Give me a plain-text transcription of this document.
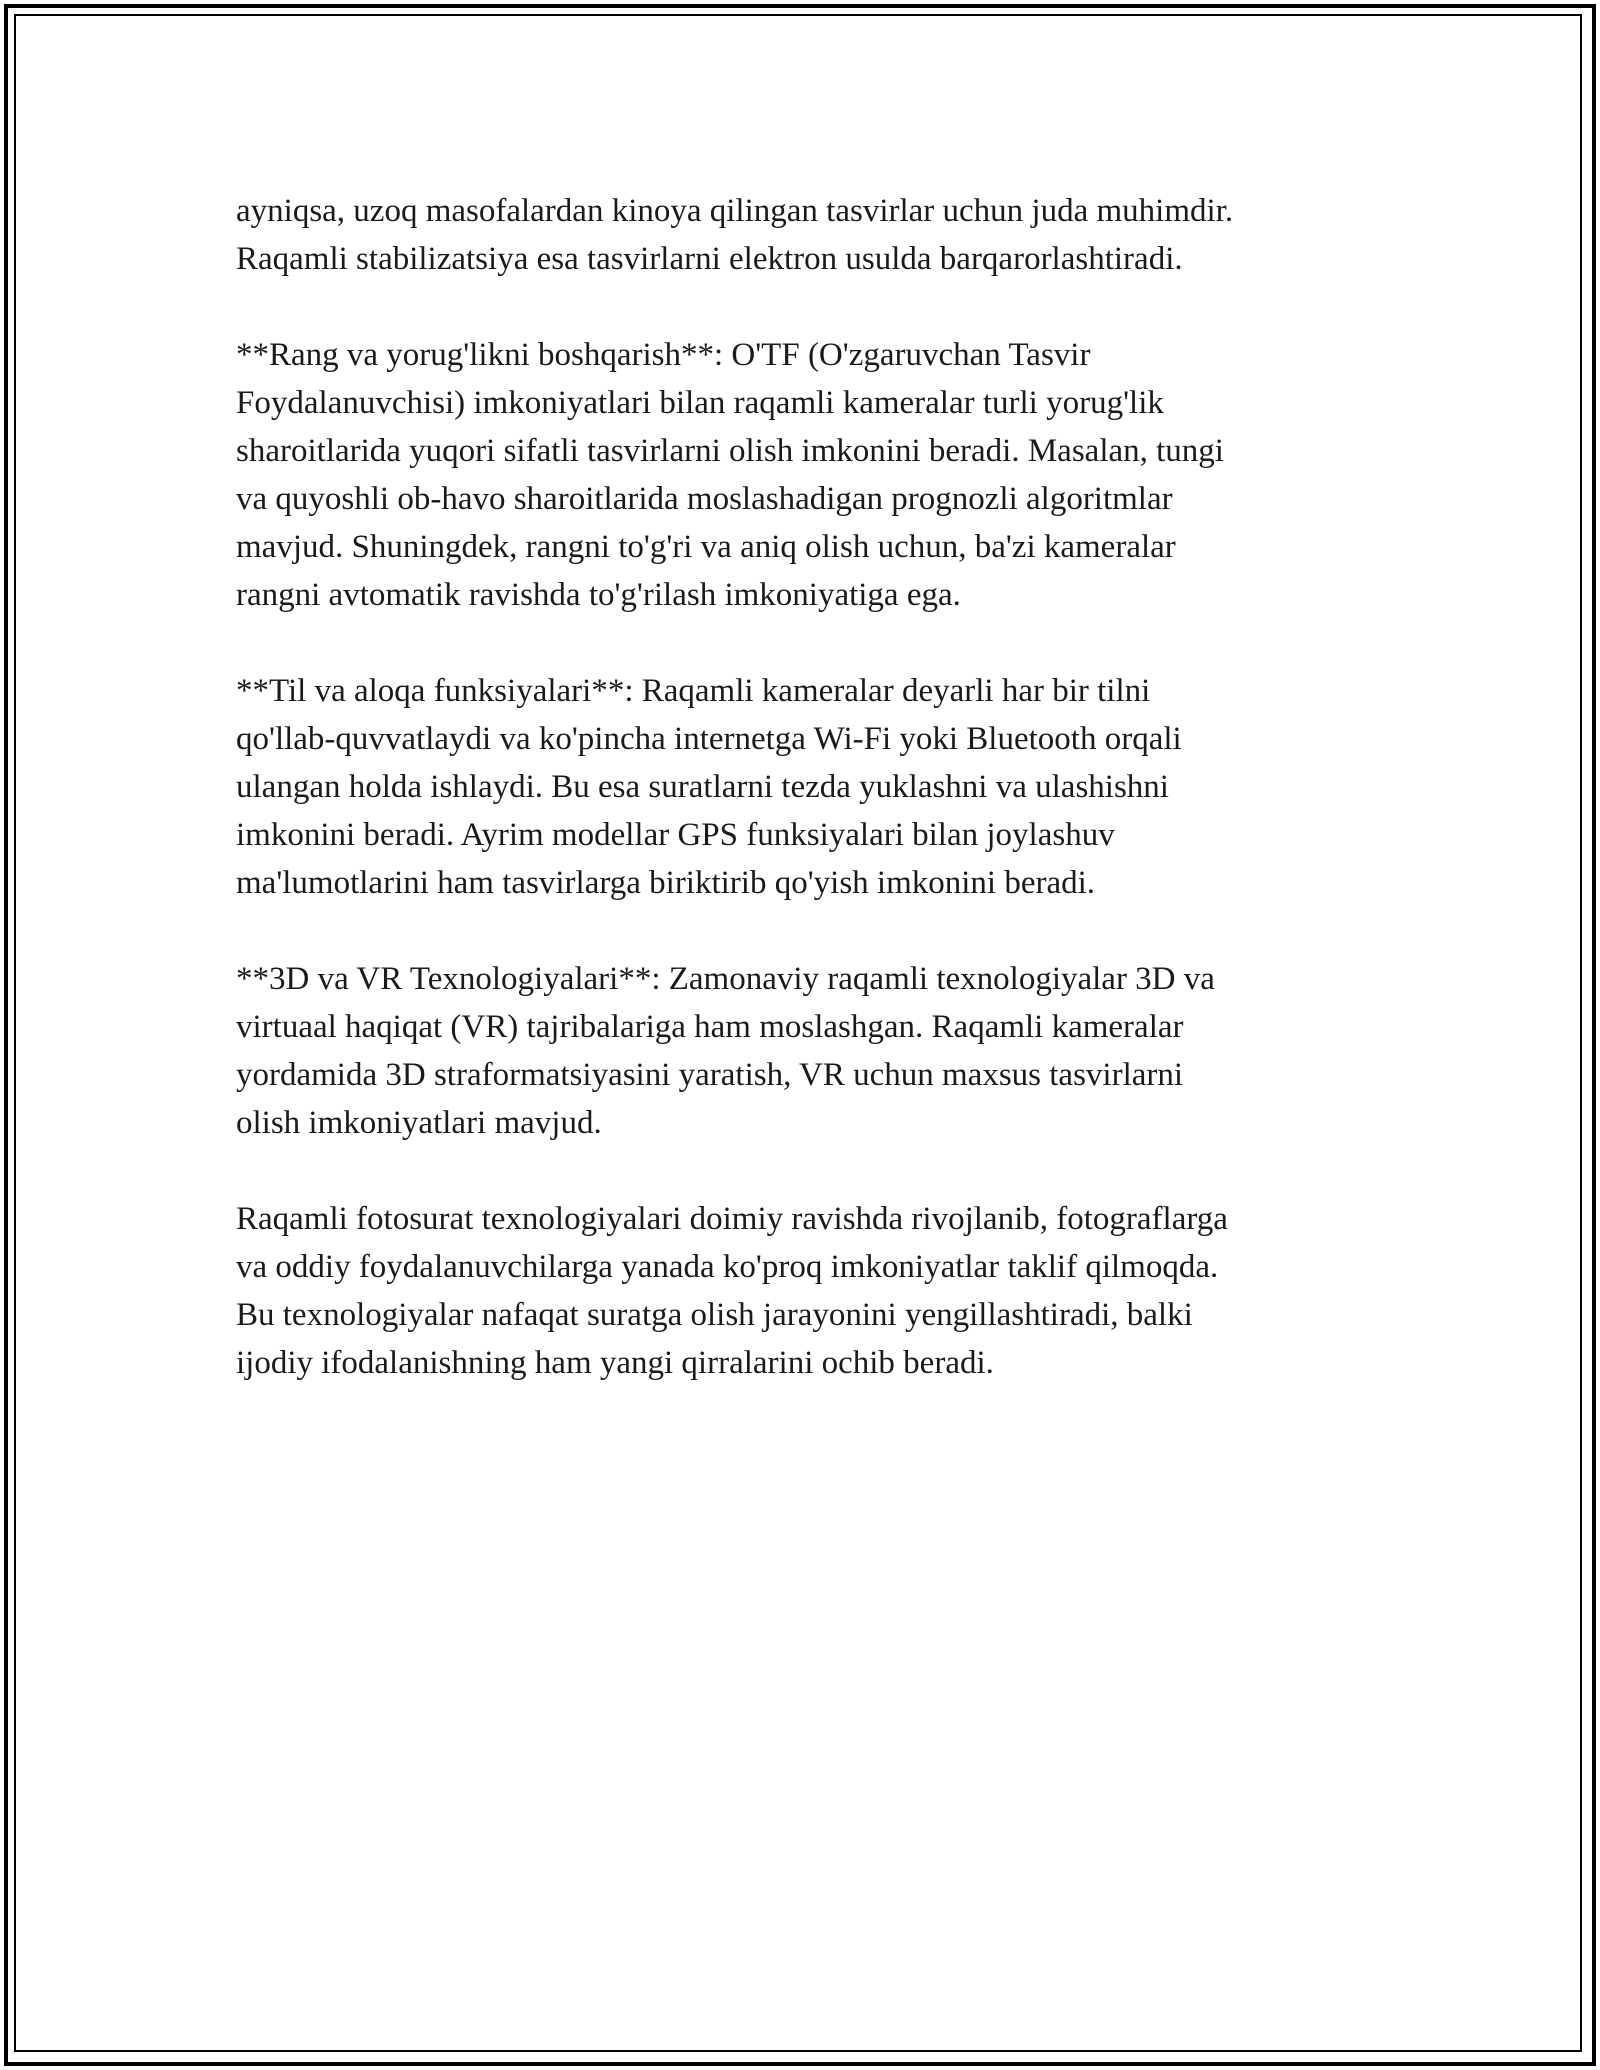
ayniqsa, uzoq masofalardan kinoya qilingan tasvirlar uchun juda muhimdir.
Raqamli stabilizatsiya esa tasvirlarni elektron usulda barqarorlashtiradi.
**Rang va yorug'likni boshqarish**: O'TF (O'zgaruvchan Tasvir
Foydalanuvchisi) imkoniyatlari bilan raqamli kameralar turli yorug'lik
sharoitlarida yuqori sifatli tasvirlarni olish imkonini beradi. Masalan, tungi
va quyoshli ob-havo sharoitlarida moslashadigan prognozli algoritmlar
mavjud. Shuningdek, rangni to'g'ri va aniq olish uchun, ba'zi kameralar
rangni avtomatik ravishda to'g'rilash imkoniyatiga ega.
**Til va aloqa funksiyalari**: Raqamli kameralar deyarli har bir tilni
qo'llab-quvvatlaydi va ko'pincha internetga Wi-Fi yoki Bluetooth orqali
ulangan holda ishlaydi. Bu esa suratlarni tezda yuklashni va ulashishni
imkonini beradi. Ayrim modellar GPS funksiyalari bilan joylashuv
ma'lumotlarini ham tasvirlarga biriktirib qo'yish imkonini beradi.
**3D va VR Texnologiyalari**: Zamonaviy raqamli texnologiyalar 3D va
virtuaal haqiqat (VR) tajribalariga ham moslashgan. Raqamli kameralar
yordamida 3D straformatsiyasini yaratish, VR uchun maxsus tasvirlarni
olish imkoniyatlari mavjud.
Raqamli fotosurat texnologiyalari doimiy ravishda rivojlanib, fotograflarga
va oddiy foydalanuvchilarga yanada ko'proq imkoniyatlar taklif qilmoqda.
Bu texnologiyalar nafaqat suratga olish jarayonini yengillashtiradi, balki
ijodiy ifodalanishning ham yangi qirralarini ochib beradi.
